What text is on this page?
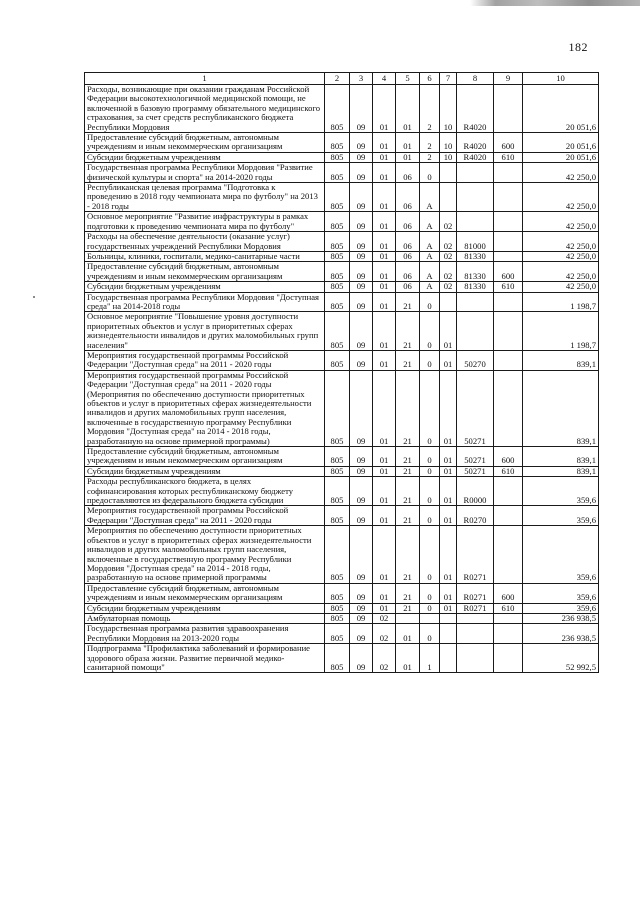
182
1	2	3	4	5	6	7	8	9	10
Расходы, возникающие при оказании гражданам Российской Федерации высокотехнологичной медицинской помощи, не включенной в базовую программу обязательного медицинского страхования, за счет средств республиканского бюджета Республики Мордовия	805	09	01	01	2	10	R4020		20 051,6
Предоставление субсидий бюджетным, автономным учреждениям и иным некоммерческим организациям	805	09	01	01	2	10	R4020	600	20 051,6
Субсидии бюджетным учреждениям	805	09	01	01	2	10	R4020	610	20 051,6
Государственная программа Республики Мордовия "Развитие физической культуры и спорта" на 2014-2020 годы	805	09	01	06	0				42 250,0
Республиканская целевая программа "Подготовка к проведению в 2018 году чемпионата мира по футболу" на 2013 - 2018 годы	805	09	01	06	А				42 250,0
Основное мероприятие "Развитие инфраструктуры в рамках подготовки к проведению чемпионата мира по футболу"	805	09	01	06	А	02			42 250,0
Расходы на обеспечение деятельности (оказание услуг) государственных учреждений Республики Мордовия	805	09	01	06	А	02	81000		42 250,0
Больницы, клиники, госпитали, медико-санитарные части	805	09	01	06	А	02	81330		42 250,0
Предоставление субсидий бюджетным, автономным учреждениям и иным некоммерческим организациям	805	09	01	06	А	02	81330	600	42 250,0
Субсидии бюджетным учреждениям	805	09	01	06	А	02	81330	610	42 250,0
Государственная программа Республики Мордовия "Доступная среда" на 2014-2018 годы	805	09	01	21	0				1 198,7
Основное мероприятие "Повышение уровня доступности приоритетных объектов и услуг в приоритетных сферах жизнедеятельности инвалидов и других маломобильных групп населения"	805	09	01	21	0	01			1 198,7
Мероприятия государственной программы Российской Федерации "Доступная среда" на 2011 - 2020 годы	805	09	01	21	0	01	50270		839,1
Мероприятия государственной программы Российской Федерации "Доступная среда" на 2011 - 2020 годы (Мероприятия по обеспечению доступности приоритетных объектов и услуг в приоритетных сферах жизнедеятельности инвалидов и других маломобильных групп населения, включенные в государственную программу Республики Мордовия "Доступная среда" на 2014 - 2018 годы, разработанную на основе примерной программы)	805	09	01	21	0	01	50271		839,1
Предоставление субсидий бюджетным, автономным учреждениям и иным некоммерческим организациям	805	09	01	21	0	01	50271	600	839,1
Субсидии бюджетным учреждениям	805	09	01	21	0	01	50271	610	839,1
Расходы республиканского бюджета, в целях софинансирования которых республиканскому бюджету предоставляются из федерального бюджета субсидии	805	09	01	21	0	01	R0000		359,6
Мероприятия государственной программы Российской Федерации "Доступная среда" на 2011 - 2020 годы	805	09	01	21	0	01	R0270		359,6
Мероприятия по обеспечению доступности приоритетных объектов и услуг в приоритетных сферах жизнедеятельности инвалидов и других маломобильных групп населения, включенные в государственную программу Республики Мордовия "Доступная среда" на 2014 - 2018 годы, разработанную на основе примерной программы	805	09	01	21	0	01	R0271		359,6
Предоставление субсидий бюджетным, автономным учреждениям и иным некоммерческим организациям	805	09	01	21	0	01	R0271	600	359,6
Субсидии бюджетным учреждениям	805	09	01	21	0	01	R0271	610	359,6
Амбулаторная помощь	805	09	02						236 938,5
Государственная программа развития здравоохранения Республики Мордовия на 2013-2020 годы	805	09	02	01	0				236 938,5
Подпрограмма "Профилактика заболеваний и формирование здорового образа жизни. Развитие первичной медико-санитарной помощи"	805	09	02	01	1				52 992,5
